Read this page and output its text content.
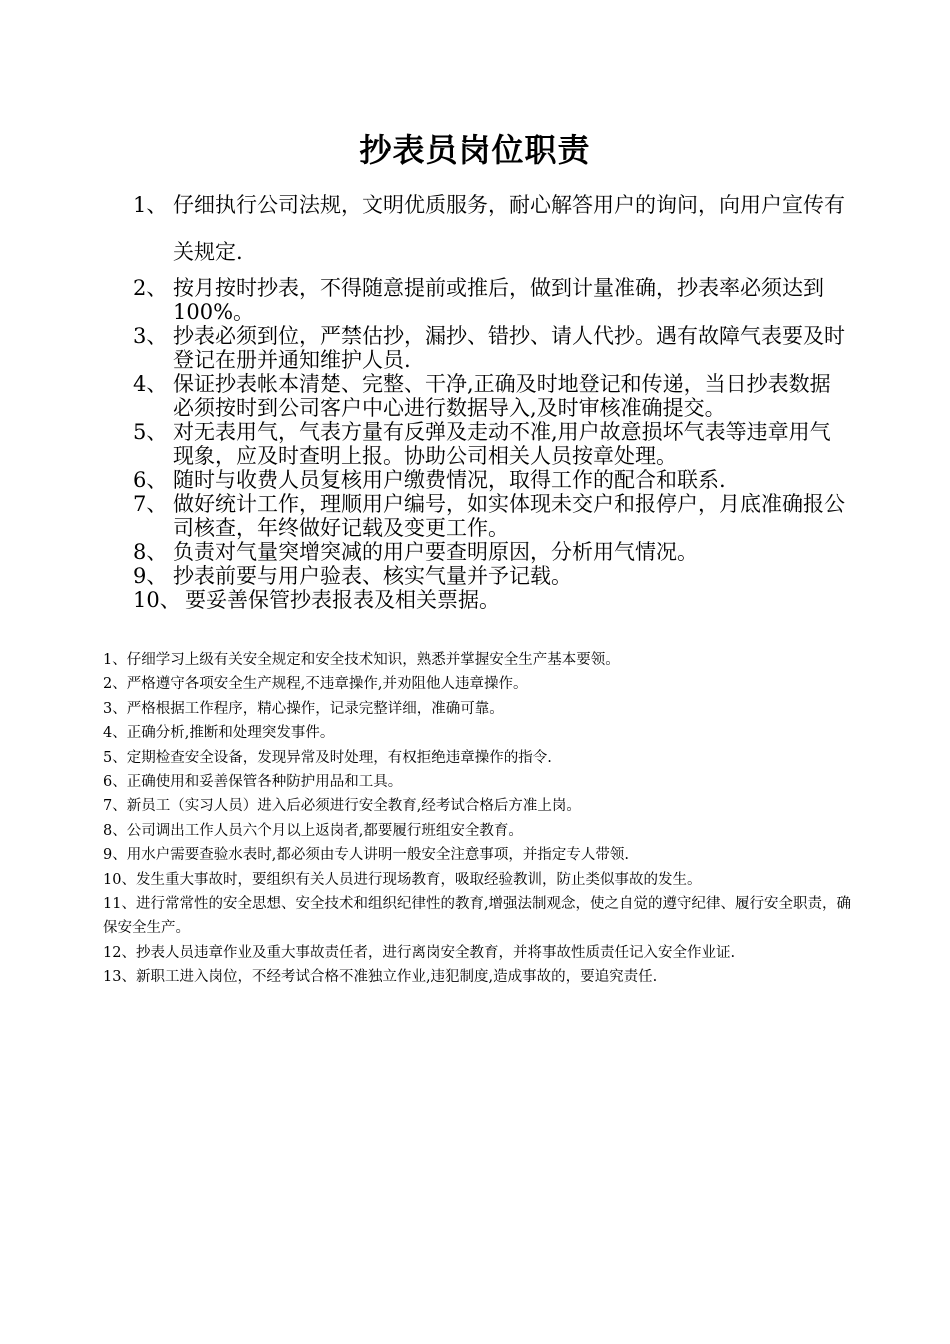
抄表员岗位职责
1、 仔细执行公司法规，文明优质服务，耐心解答用户的询问，向用户宣传有关规定.
2、 按月按时抄表，不得随意提前或推后，做到计量准确，抄表率必须达到100%。
3、 抄表必须到位，严禁估抄，漏抄、错抄、请人代抄。遇有故障气表要及时登记在册并通知维护人员.
4、 保证抄表帐本清楚、完整、干净,正确及时地登记和传递，当日抄表数据必须按时到公司客户中心进行数据导入,及时审核准确提交。
5、 对无表用气，气表方量有反弹及走动不准,用户故意损坏气表等违章用气现象，应及时查明上报。协助公司相关人员按章处理。
6、 随时与收费人员复核用户缴费情况，取得工作的配合和联系.
7、 做好统计工作，理顺用户编号，如实体现未交户和报停户，月底准确报公司核查，年终做好记载及变更工作。
8、 负责对气量突增突减的用户要查明原因，分析用气情况。
9、 抄表前要与用户验表、核实气量并予记载。
10、 要妥善保管抄表报表及相关票据。
1、仔细学习上级有关安全规定和安全技术知识，熟悉并掌握安全生产基本要领。
2、严格遵守各项安全生产规程,不违章操作,并劝阻他人违章操作。
3、严格根据工作程序，精心操作，记录完整详细，准确可靠。
4、正确分析,推断和处理突发事件。
5、定期检查安全设备，发现异常及时处理，有权拒绝违章操作的指令.
6、正确使用和妥善保管各种防护用品和工具。
7、新员工（实习人员）进入后必须进行安全教育,经考试合格后方准上岗。
8、公司调出工作人员六个月以上返岗者,都要履行班组安全教育。
9、用水户需要查验水表时,都必须由专人讲明一般安全注意事项，并指定专人带领.
10、发生重大事故时，要组织有关人员进行现场教育，吸取经验教训，防止类似事故的发生。
11、进行常常性的安全思想、安全技术和组织纪律性的教育,增强法制观念，使之自觉的遵守纪律、履行安全职责，确保安全生产。
12、抄表人员违章作业及重大事故责任者，进行离岗安全教育，并将事故性质责任记入安全作业证.
13、新职工进入岗位，不经考试合格不准独立作业,违犯制度,造成事故的，要追究责任.
